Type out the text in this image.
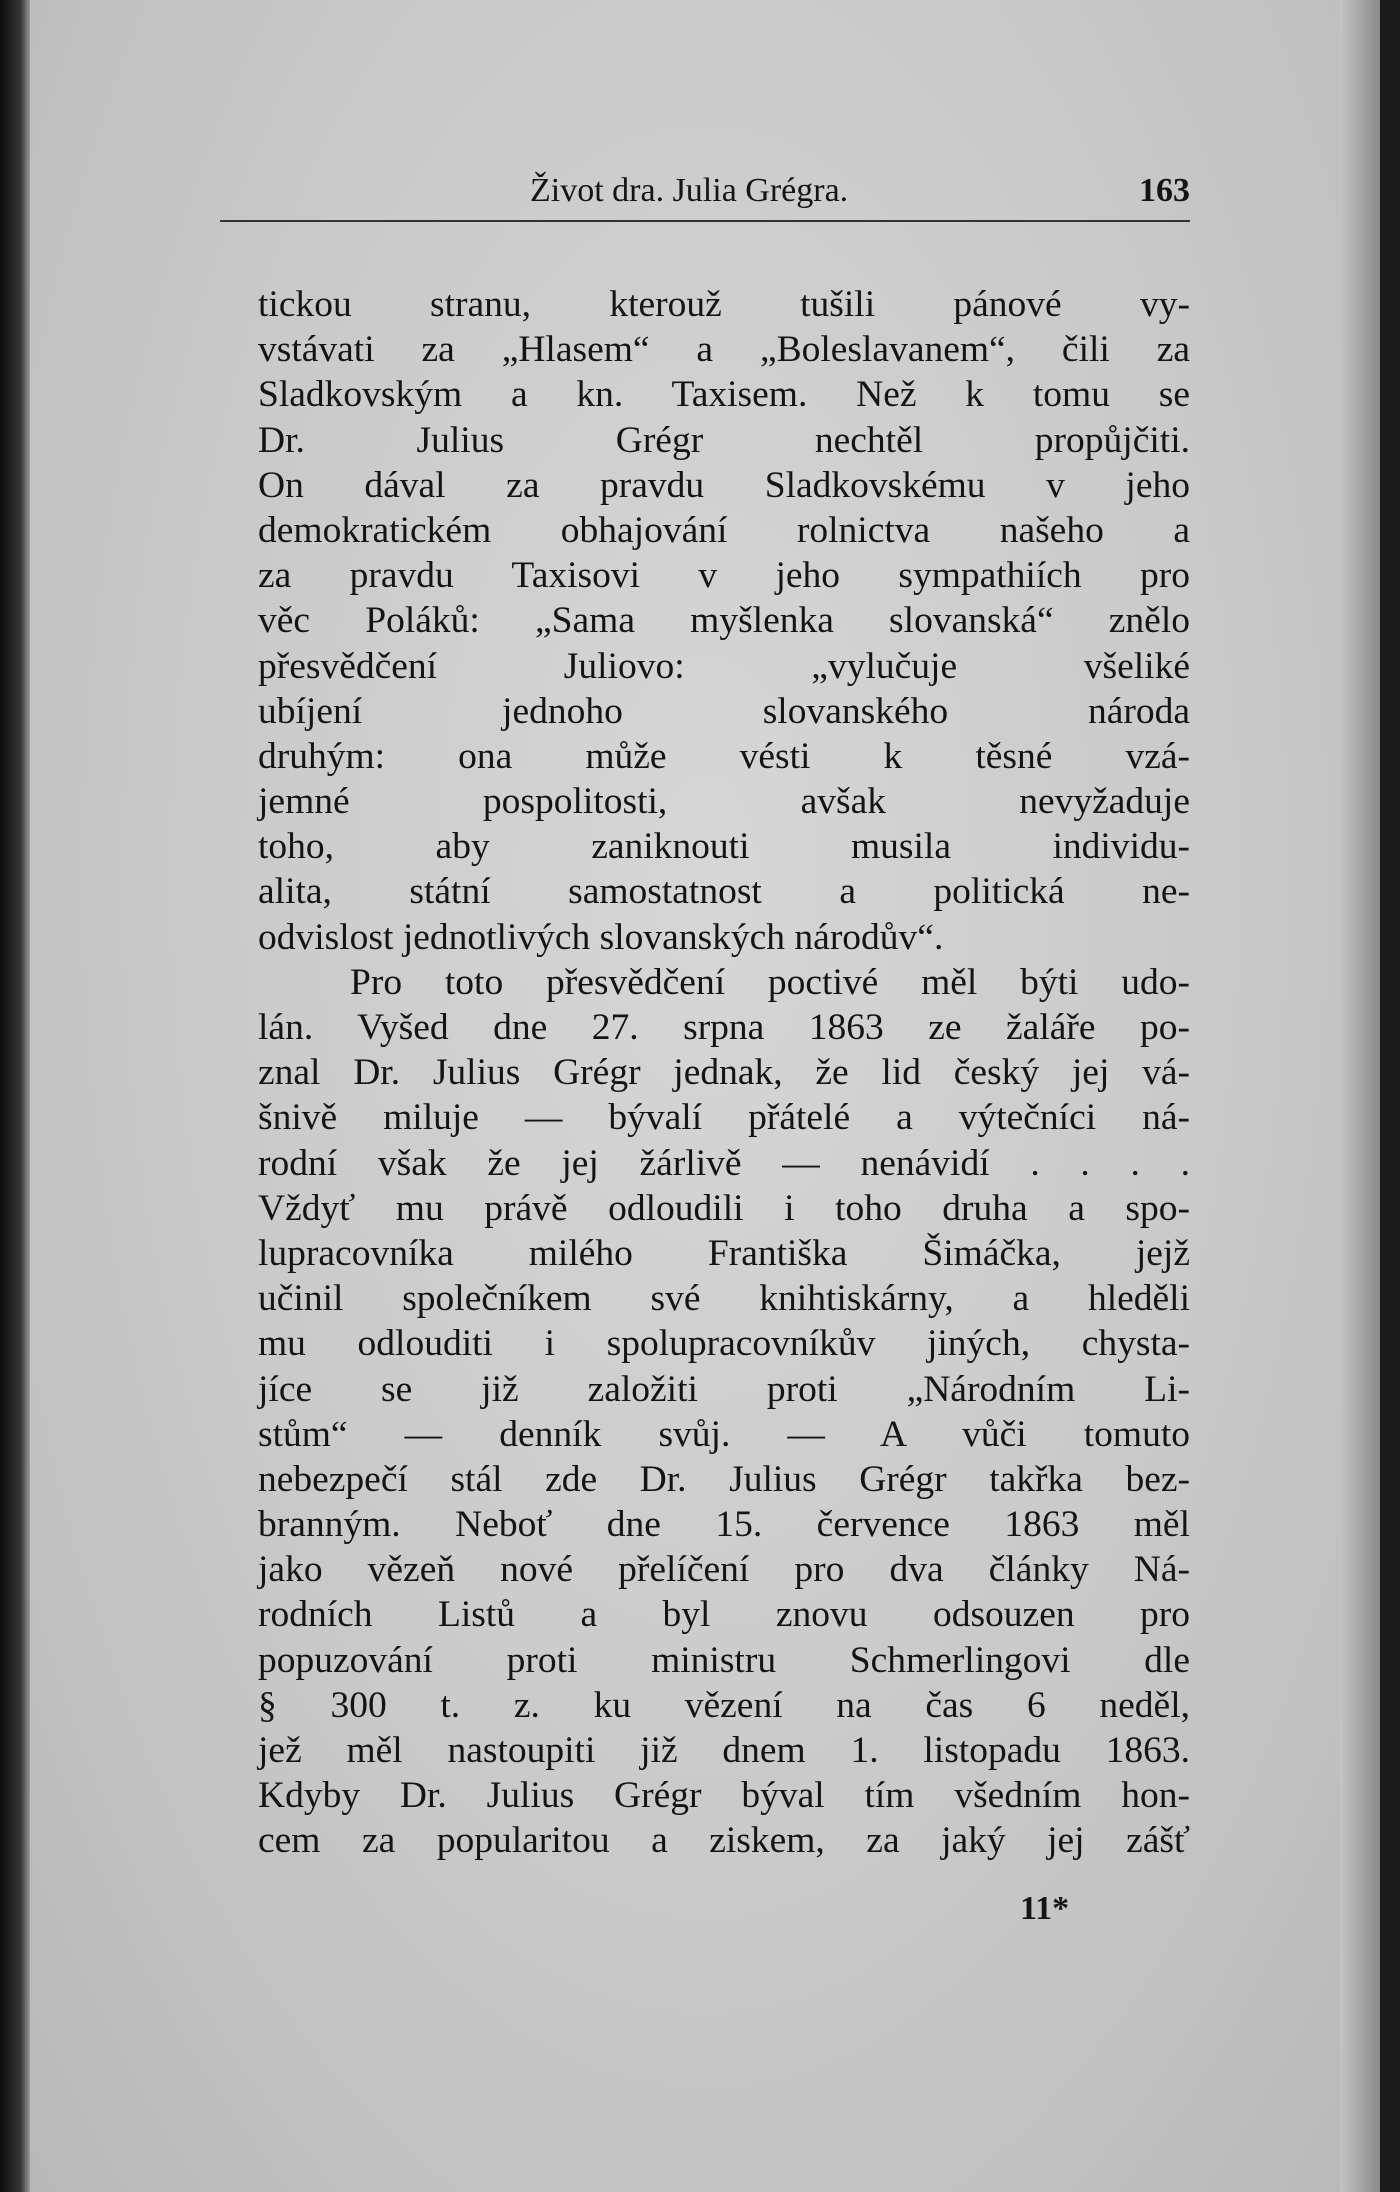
Život dra. Julia Grégra.	163
tickou stranu, kterouž tušili pánové vy-
vstávati za „Hlasem“ a „Boleslavanem“, čili za
Sladkovským a kn. Taxisem. Než k tomu se
Dr. Julius Grégr nechtěl propůjčiti.
On dával za pravdu Sladkovskému v jeho
demokratickém obhajování rolnictva našeho a
za pravdu Taxisovi v jeho sympathiích pro
věc Poláků: „Sama myšlenka slovanská“ znělo
přesvědčení Juliovo: „vylučuje všeliké
ubíjení jednoho slovanského národa
druhým: ona může vésti k těsné vzá-
jemné pospolitosti, avšak nevyžaduje
toho, aby zaniknouti musila individu-
alita, státní samostatnost a politická ne-
odvislost jednotlivých slovanských národův“.
Pro toto přesvědčení poctivé měl býti udo-
lán. Vyšed dne 27. srpna 1863 ze žaláře po-
znal Dr. Julius Grégr jednak, že lid český jej vá-
šnivě miluje — bývalí přátelé a výtečníci ná-
rodní však že jej žárlivě — nenávidí . . . .
Vždyť mu právě odloudili i toho druha a spo-
lupracovníka milého Františka Šimáčka, jejž
učinil společníkem své knihtiskárny, a hleděli
mu odlouditi i spolupracovníkův jiných, chysta-
jíce se již založiti proti „Národním Li-
stům“ — denník svůj. — A vůči tomuto
nebezpečí stál zde Dr. Julius Grégr takřka bez-
branným. Neboť dne 15. července 1863 měl
jako vězeň nové přelíčení pro dva články Ná-
rodních Listů a byl znovu odsouzen pro
popuzování proti ministru Schmerlingovi dle
§ 300 t. z. ku vězení na čas 6 neděl,
jež měl nastoupiti již dnem 1. listopadu 1863.
Kdyby Dr. Julius Grégr býval tím všedním hon-
cem za popularitou a ziskem, za jaký jej zášť
11*
